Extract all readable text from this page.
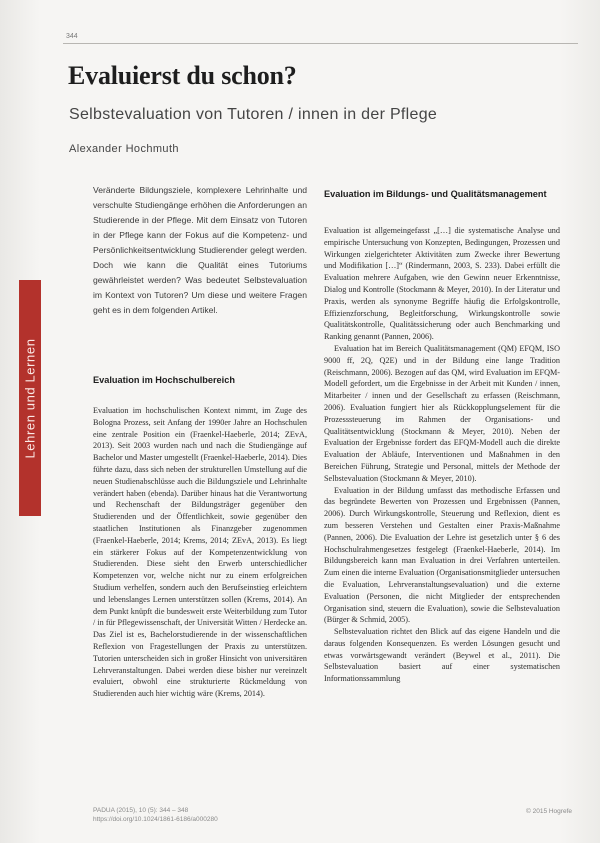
344
Evaluierst du schon?
Selbstevaluation von Tutoren / innen in der Pflege

Alexander Hochmuth

Lehren und Lernen

Veränderte Bildungsziele, komplexere Lehrinhalte und verschulte Studiengänge erhöhen die Anforderungen an Studierende in der Pflege. Mit dem Einsatz von Tutoren in der Pflege kann der Fokus auf die Kompetenz- und Persönlichkeitsentwicklung Studierender gelegt werden. Doch wie kann die Qualität eines Tutoriums gewährleistet werden? Was bedeutet Selbstevaluation im Kontext von Tutoren? Um diese und weitere Fragen geht es in dem folgenden Artikel.

Evaluation im Hochschulbereich

Evaluation im hochschulischen Kontext nimmt, im Zuge des Bologna Prozess, seit Anfang der 1990er Jahre an Hochschulen eine zentrale Position ein (Fraenkel-Haeberle, 2014; ZEvA, 2013). Seit 2003 wurden nach und nach die Studiengänge auf Bachelor und Master umgestellt (Fraenkel-Haeberle, 2014). Dies führte dazu, dass sich neben der strukturellen Umstellung auf die neuen Studienabschlüsse auch die Bildungsziele und Lehrinhalte verändert haben (ebenda). Darüber hinaus hat die Verantwortung und Rechenschaft der Bildungsträger gegenüber den Studierenden und der Öffentlichkeit, sowie gegenüber den staatlichen Institutionen als Finanzgeber zugenommen (Fraenkel-Haeberle, 2014; Krems, 2014; ZEvA, 2013). Es liegt ein stärkerer Fokus auf der Kompetenzentwicklung von Studierenden. Diese sieht den Erwerb unterschiedlicher Kompetenzen vor, welche nicht nur zu einem erfolgreichen Studium verhelfen, sondern auch den Berufseinstieg erleichtern und lebenslanges Lernen unterstützen sollen (Krems, 2014). An dem Punkt knüpft die bundesweit erste Weiterbildung zum Tutor / in für Pflegewissenschaft, der Universität Witten / Herdecke an. Das Ziel ist es, Bachelorstudierende in der wissenschaftlichen Reflexion von Fragestellungen der Praxis zu unterstützen. Tutorien unterscheiden sich in großer Hinsicht von universitären Lehrveranstaltungen. Dabei werden diese bisher nur vereinzelt evaluiert, obwohl eine strukturierte Rückmeldung von Studierenden auch hier wichtig wäre (Krems, 2014).

Evaluation im Bildungs- und Qualitätsmanagement

Evaluation ist allgemeingefasst „[…] die systematische Analyse und empirische Untersuchung von Konzepten, Bedingungen, Prozessen und Wirkungen zielgerichteter Aktivitäten zum Zwecke ihrer Bewertung und Modifikation […]“ (Rindermann, 2003, S. 233). Dabei erfüllt die Evaluation mehrere Aufgaben, wie den Gewinn neuer Erkenntnisse, Dialog und Kontrolle (Stockmann & Meyer, 2010). In der Literatur und Praxis, werden als synonyme Begriffe häufig die Erfolgskontrolle, Effizienzforschung, Begleitforschung, Wirkungskontrolle sowie Qualitätskontrolle, Qualitätssicherung oder auch Benchmarking und Ranking genannt (Pannen, 2006).

Evaluation hat im Bereich Qualitätsmanagement (QM) EFQM, ISO 9000 ff, 2Q, Q2E) und in der Bildung eine lange Tradition (Reischmann, 2006). Bezogen auf das QM, wird Evaluation im EFQM-Modell gefordert, um die Ergebnisse in der Arbeit mit Kunden / innen, Mitarbeiter / innen und der Gesellschaft zu erfassen (Reischmann, 2006). Evaluation fungiert hier als Rückkopplungselement für die Prozesssteuerung im Rahmen der Organisations- und Qualitätsentwicklung (Stockmann & Meyer, 2010). Neben der Evaluation der Ergebnisse fordert das EFQM-Modell auch die direkte Evaluation der Abläufe, Interventionen und Maßnahmen in den Bereichen Führung, Strategie und Personal, mittels der Methode der Selbstevaluation (Stockmann & Meyer, 2010).

Evaluation in der Bildung umfasst das methodische Erfassen und das begründete Bewerten von Prozessen und Ergebnissen (Pannen, 2006). Durch Wirkungskontrolle, Steuerung und Reflexion, dient es zum besseren Verstehen und Gestalten einer Praxis-Maßnahme (Pannen, 2006). Die Evaluation der Lehre ist gesetzlich unter § 6 des Hochschulrahmengesetzes festgelegt (Fraenkel-Haeberle, 2014). Im Bildungsbereich kann man Evaluation in drei Verfahren unterteilen. Zum einen die interne Evaluation (Organisationsmitglieder untersuchen die Evaluation, Lehrveranstaltungsevaluation) und die externe Evaluation (Personen, die nicht Mitglieder der entsprechenden Organisation sind, steuern die Evaluation), sowie die Selbstevaluation (Bürger & Schmid, 2005).

Selbstevaluation richtet den Blick auf das eigene Handeln und die daraus folgenden Konsequenzen. Es werden Lösungen gesucht und etwas vorwärtsgewandt verändert (Beywel et al., 2011). Die Selbstevaluation basiert auf einer systematischen Informationssammlung

PADUA (2015), 10 (5): 344 – 348
https://doi.org/10.1024/1861-6186/a000280
© 2015 Hogrefe
